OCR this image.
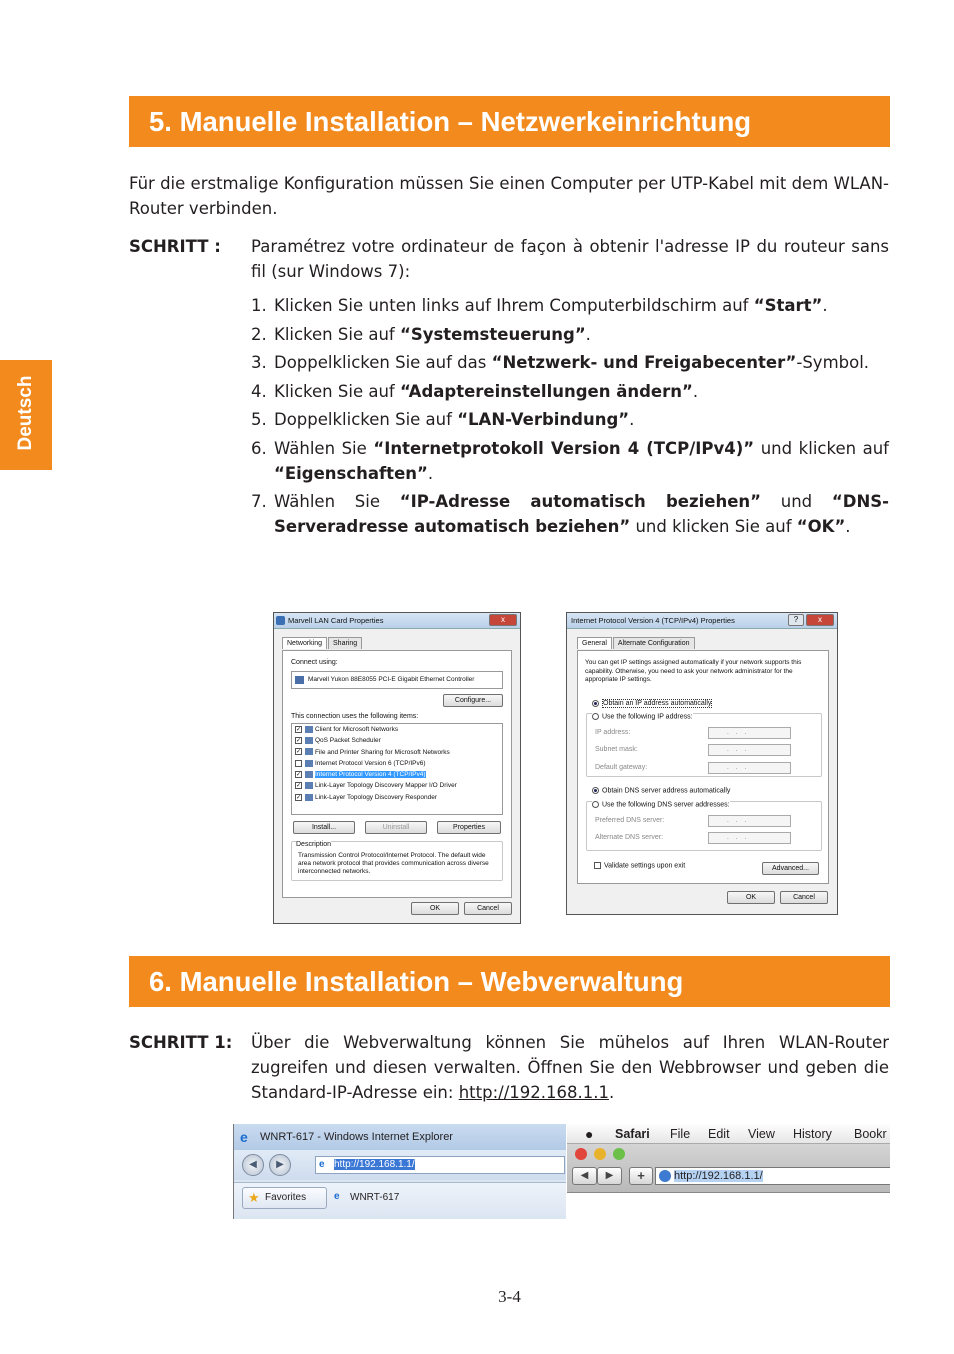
Deutsch
5. Manuelle Installation – Netzwerkeinrichtung
Für die erstmalige Konfiguration müssen Sie einen Computer per UTP-Kabel mit dem WLAN-Router verbinden.
SCHRITT : Paramétrez votre ordinateur de façon à obtenir l'adresse IP du routeur sans fil (sur Windows 7):
1. Klicken Sie unten links auf Ihrem Computerbildschirm auf “Start”.
2. Klicken Sie auf “Systemsteuerung”.
3. Doppelklicken Sie auf das “Netzwerk- und Freigabecenter”-Symbol.
4. Klicken Sie auf “Adaptereinstellungen ändern”.
5. Doppelklicken Sie auf “LAN-Verbindung”.
6. Wählen Sie “Internetprotokoll Version 4 (TCP/IPv4)” und klicken auf “Eigenschaften”.
7. Wählen Sie “IP-Adresse automatisch beziehen” und “DNS-Serveradresse automatisch beziehen” und klicken Sie auf “OK”.
Marvell LAN Card Properties	x
Networking	Sharing
Connect using:
Marvell Yukon 88E8055 PCI-E Gigabit Ethernet Controller
Configure...
This connection uses the following items:
✓ Client for Microsoft Networks
✓ QoS Packet Scheduler
✓ File and Printer Sharing for Microsoft Networks
Internet Protocol Version 6 (TCP/IPv6)
✓ Internet Protocol Version 4 (TCP/IPv4)
✓ Link-Layer Topology Discovery Mapper I/O Driver
✓ Link-Layer Topology Discovery Responder
Install...	Uninstall	Properties
Description
Transmission Control Protocol/Internet Protocol. The default wide area network protocol that provides communication across diverse interconnected networks.
OK	Cancel
Internet Protocol Version 4 (TCP/IPv4) Properties	?	x
General	Alternate Configuration
You can get IP settings assigned automatically if your network supports this capability. Otherwise, you need to ask your network administrator for the appropriate IP settings.
Obtain an IP address automatically
Use the following IP address:
IP address:	...
Subnet mask:	...
Default gateway:	...
Obtain DNS server address automatically
Use the following DNS server addresses:
Preferred DNS server:	...
Alternate DNS server:	...
Validate settings upon exit	Advanced...
OK	Cancel
6. Manuelle Installation – Webverwaltung
SCHRITT 1: Über die Webverwaltung können Sie mühelos auf Ihren WLAN-Router zugreifen und diesen verwalten. Öffnen Sie den Webbrowser und geben die Standard-IP-Adresse ein: http://192.168.1.1.
e WNRT-617 - Windows Internet Explorer
◀	▶	e http://192.168.1.1/
★ Favorites	e WNRT-617
● Safari File Edit View History Bookr
◀	▶	+	http://192.168.1.1/
3-4
